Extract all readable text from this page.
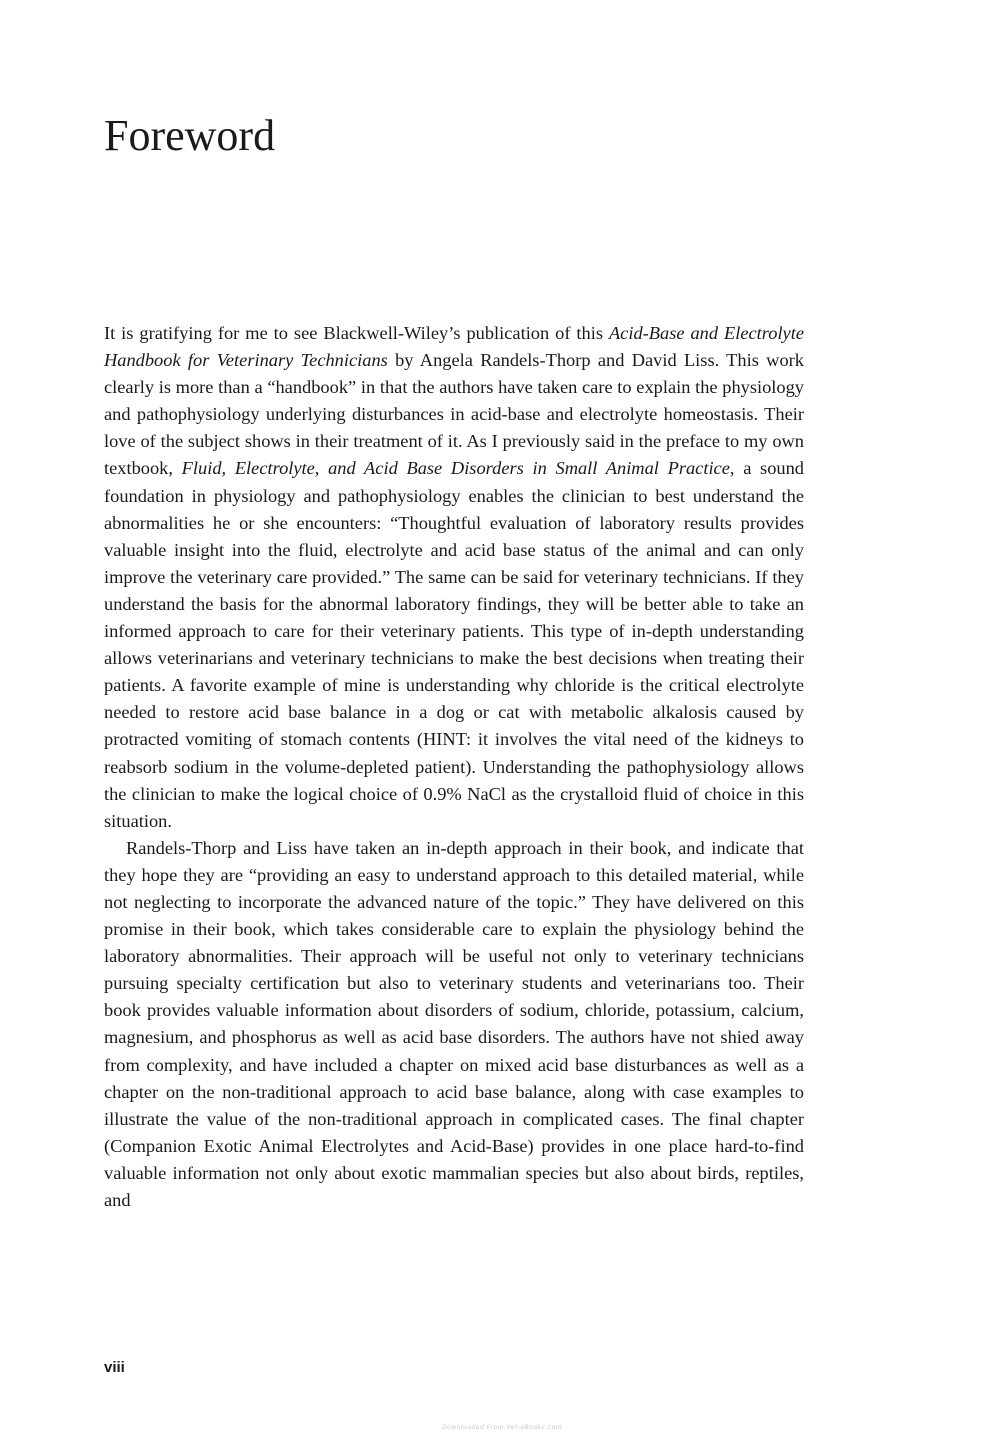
Foreword

It is gratifying for me to see Blackwell-Wiley’s publication of this Acid-Base and Electrolyte Handbook for Veterinary Technicians by Angela Randels-Thorp and David Liss. This work clearly is more than a “handbook” in that the authors have taken care to explain the physiology and pathophysiology underlying disturbances in acid-base and electrolyte homeostasis. Their love of the subject shows in their treatment of it. As I previously said in the preface to my own textbook, Fluid, Electrolyte, and Acid Base Disorders in Small Animal Practice, a sound foundation in physiology and pathophysiology enables the clinician to best understand the abnormalities he or she encounters: “Thoughtful evaluation of laboratory results provides valuable insight into the fluid, electrolyte and acid base status of the animal and can only improve the veterinary care provided.” The same can be said for veterinary technicians. If they understand the basis for the abnormal laboratory findings, they will be better able to take an informed approach to care for their veterinary patients. This type of in-depth understanding allows veterinarians and veterinary technicians to make the best decisions when treating their patients. A favorite example of mine is understanding why chloride is the critical electrolyte needed to restore acid base balance in a dog or cat with metabolic alkalosis caused by protracted vomiting of stomach contents (HINT: it involves the vital need of the kidneys to reabsorb sodium in the volume-depleted patient). Understanding the pathophysiology allows the clinician to make the logical choice of 0.9% NaCl as the crystalloid fluid of choice in this situation.

Randels-Thorp and Liss have taken an in-depth approach in their book, and indicate that they hope they are “providing an easy to understand approach to this detailed material, while not neglecting to incorporate the advanced nature of the topic.” They have delivered on this promise in their book, which takes considerable care to explain the physiology behind the laboratory abnormalities. Their approach will be useful not only to veterinary technicians pursuing specialty certification but also to veterinary students and veterinarians too. Their book provides valuable information about disorders of sodium, chloride, potassium, calcium, magnesium, and phosphorus as well as acid base disorders. The authors have not shied away from complexity, and have included a chapter on mixed acid base disturbances as well as a chapter on the non-traditional approach to acid base balance, along with case examples to illustrate the value of the non-traditional approach in complicated cases. The final chapter (Companion Exotic Animal Electrolytes and Acid-Base) provides in one place hard-to-find valuable information not only about exotic mammalian species but also about birds, reptiles, and

viii
Downloaded From Vet-eBooks.com
